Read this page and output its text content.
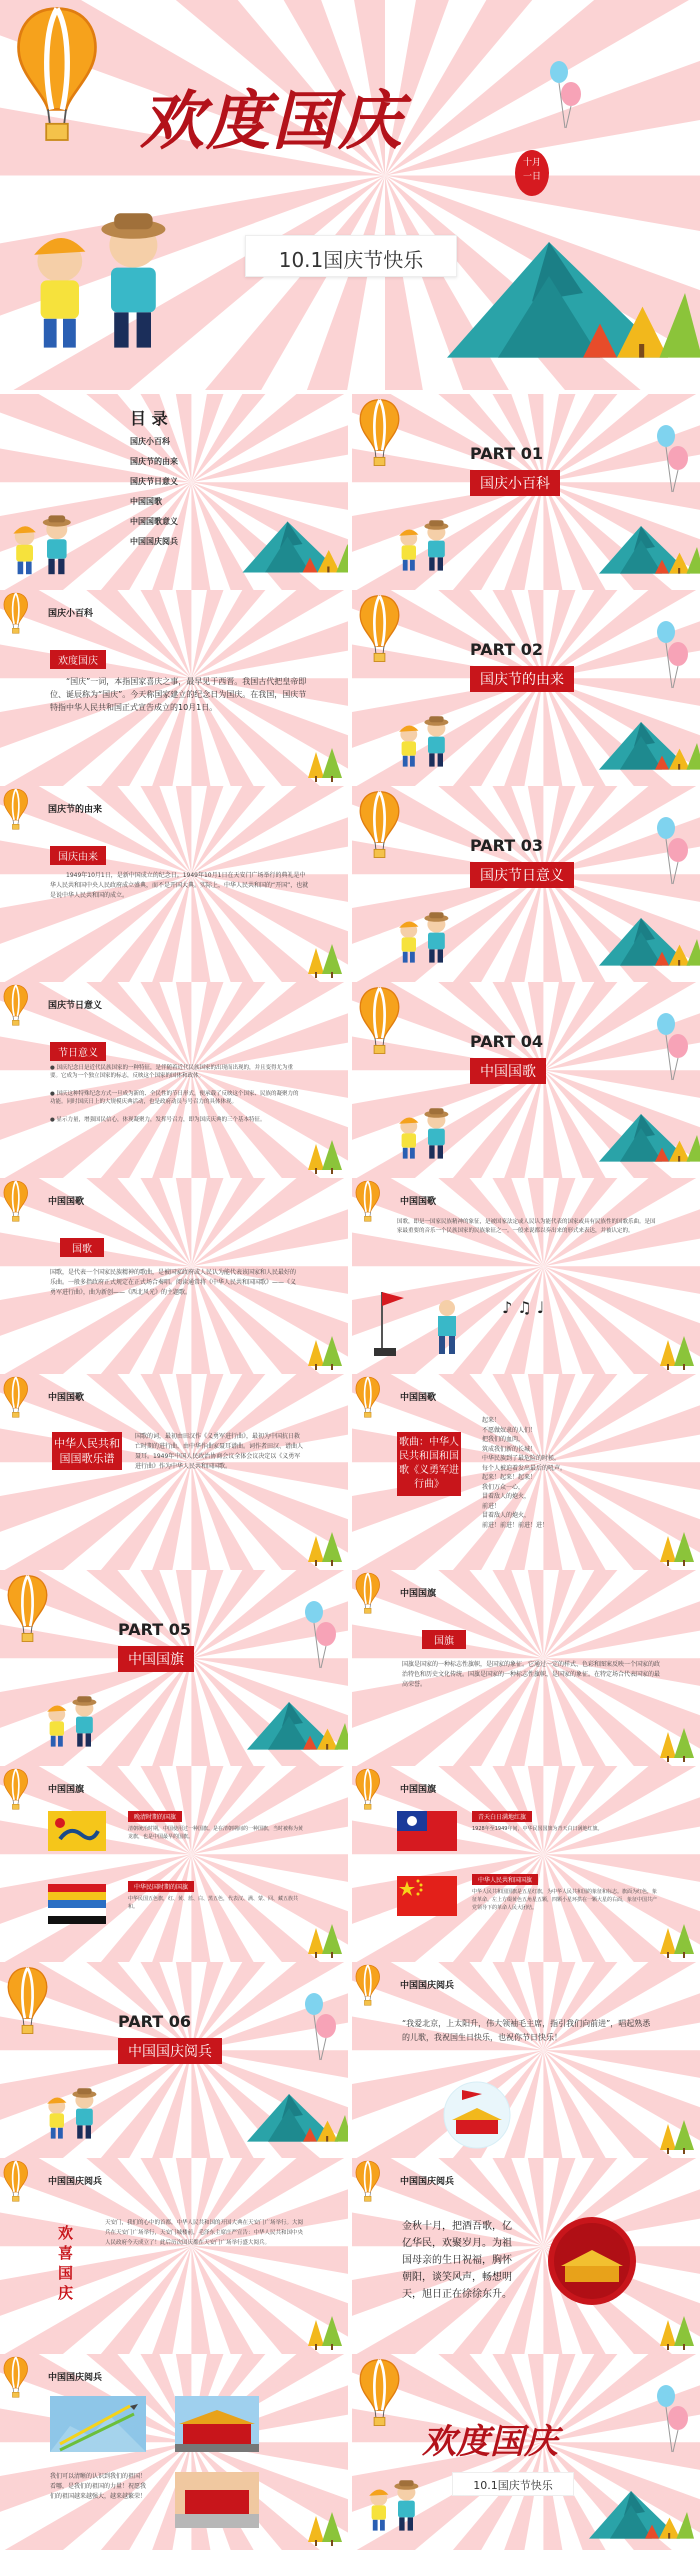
欢度国庆
十月
一日
10.1国庆节快乐
目 录
国庆小百科
国庆节的由来
国庆节日意义
中国国歌
中国国歌意义
中国国庆阅兵
PART 01
国庆小百科
PART 02
国庆节的由来
PART 03
国庆节日意义
PART 04
中国国歌
PART 05
中国国旗
PART 06
中国国庆阅兵
国庆小百科
欢度国庆
“国庆”一词，本指国家喜庆之事，最早见于西晋。我国古代把皇帝即位、诞辰称为“国庆”。今天称国家建立的纪念日为国庆。在我国，国庆节特指中华人民共和国正式宣告成立的10月1日。
国庆节的由来
国庆由来
1949年10月1日，是新中国成立的纪念日。1949年10月1日在天安门广场举行的典礼是中华人民共和国中央人民政府成立盛典，而不是开国大典。实际上，中华人民共和国的“开国”，也就是说中华人民共和国的成立。
国庆节日意义
节日意义
● 国庆纪念日是近代民族国家的一种特征，是伴随着近代民族国家的出现而出现的，并且变得尤为重要。它成为一个独立国家的标志，反映这个国家的国体和政体。
● 国庆这种特殊纪念方式一旦成为新的、全民性的节日形式，便承载了反映这个国家、民族的凝聚力的功能。同时国庆日上的大规模庆典活动，也是政府动员与号召力的具体体现。
● 显示力量，增强国民信心，体现凝聚力，发挥号召力，即为国庆庆典的三个基本特征。
中国国歌
国歌
国歌，是代表一个国家民族精神的歌曲，是被国家政府或人民认为能代表该国家和人民最好的乐曲。一般多指政府正式规定在正式场合奏唱。阅读通常将《中华人民共和国国歌》——《义勇军进行曲》，曲为新创——《西北风光》的主题歌。
中国国歌
国歌，即是一国家民族精神的象征，是被国家法定或人民认为能代表的国家或具有民族性的国歌乐曲。是国家最重要的音乐一个民族国家的民族象征之一。一般来说都以奏出来的形式来表达，并被认定的。
♪ ♫ ♩
中国国歌
中华人民共和国国歌乐谱
国歌的词，最初由田汉作《义勇军进行曲》，最初为中国抗日救亡时期的进行曲，由中华作曲家聂耳谱曲。词作者田汉、谱曲人聂耳。1949年中国人民政治协商会议全体会议决定以《义勇军进行曲》作为中华人民共和国国歌。
中国国歌
歌曲：中华人民共和国和国歌《义勇军进行曲》
起来！
不愿做奴隶的人们！
把我们的血肉，
筑成我们新的长城！
中华民族到了最危险的时候，
每个人被迫着发出最后的吼声。
起来！起来！起来！
我们万众一心，
冒着敌人的炮火，
前进！
冒着敌人的炮火，
前进！前进！前进！进！
中国国旗
国旗
国旗是国家的一种标志性旗帜，是国家的象征。它通过一定的样式、色彩和图案反映一个国家的政治特色和历史文化传统。国旗是国家的一种标志性旗帜，是国家的象征。在特定场合代表国家的最高荣誉。
中国国旗
晚清时期的国旗
清朝统治时期，中国使用过一种国旗。是在清朝期间的一种国旗，当时被称为黄龙旗，也是中国最早的国旗。
中华民国时期的国旗
中华民国五色旗，红、黄、蓝、白、黑五色，代表汉、满、蒙、回、藏五族共和。
中国国旗
青天白日满地红旗
1928年至1949年间，中华民国国旗为青天白日满地红旗。
中华人民共和国国旗
中华人民共和国国旗是五星红旗，为中华人民共和国的象征和标志。旗面为红色，象征革命。左上方缀黄色五角星五颗，四颗小星环拱在一颗大星的右面，象征中国共产党领导下的革命人民大团结。
中国国庆阅兵
“我爱北京，上太阳升，伟大领袖毛主席，指引我们向前进”，唱起熟悉的儿歌，我祝国生日快乐，也祝你节日快乐！
中国国庆阅兵
欢喜国庆
天安门，我们的心中的首都，中华人民共和国的开国大典在天安门广场举行。大阅兵在天安门广场举行，天安门城楼前，毛泽东主席庄严宣告：中华人民共和国中央人民政府今天成立了！此后历次国庆都在天安门广场举行盛大阅兵。
中国国庆阅兵
金秋十月，把酒吾歌，亿亿华民，欢聚岁月。为祖国母亲的生日祝福，胸怀朝阳，谈笑风声，畅想明天，旭日正在徐徐东升。
中国国庆阅兵
我们可以清晰的认识到我们的祖国！看哪，是我们的祖国的力量！祝愿我们的祖国越来越强大，越来越繁荣！
欢度国庆
10.1国庆节快乐
